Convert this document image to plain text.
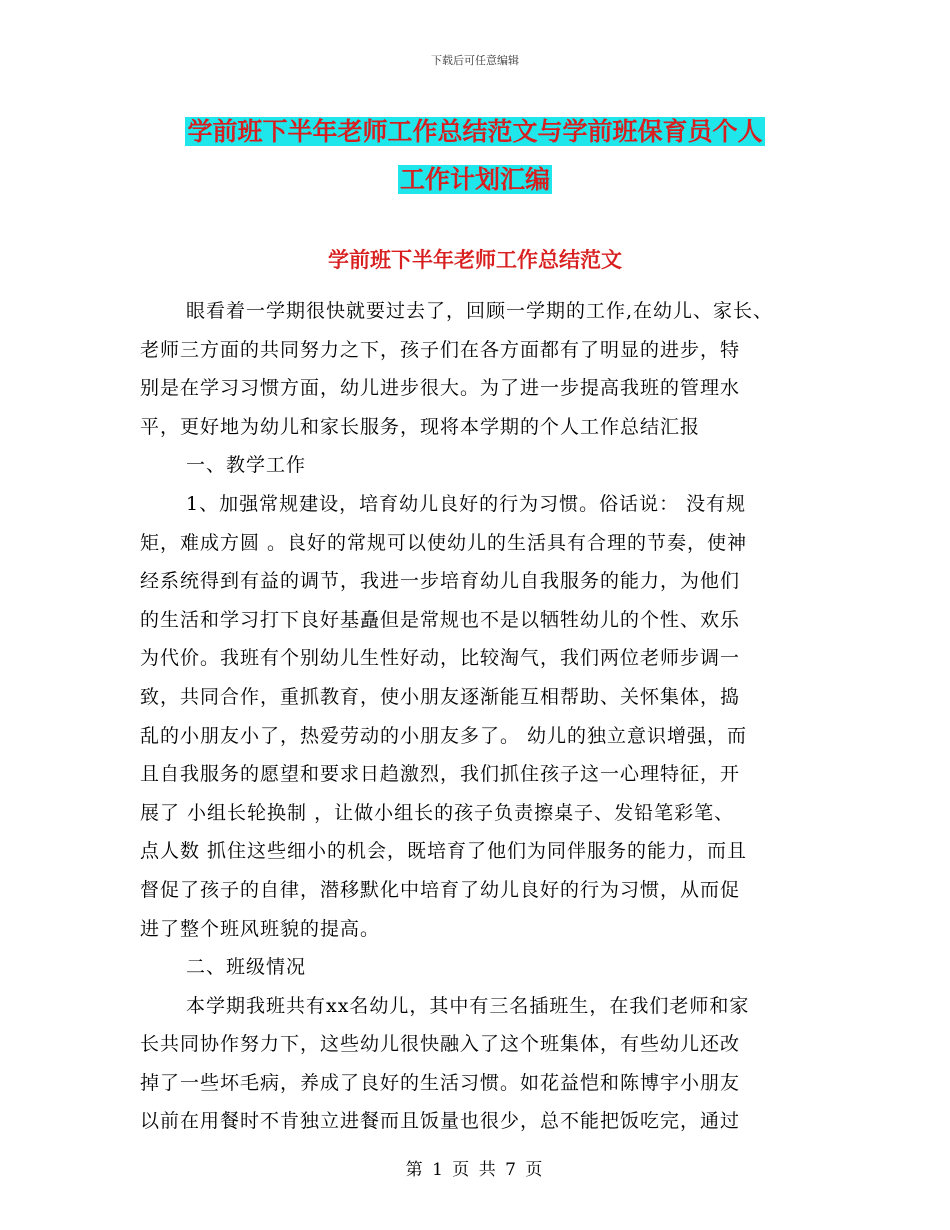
下载后可任意编辑
学前班下半年老师工作总结范文与学前班保育员个人
工作计划汇编
学前班下半年老师工作总结范文
眼看着一学期很快就要过去了，回顾一学期的工作,在幼儿、家长、
老师三方面的共同努力之下，孩子们在各方面都有了明显的进步，特
别是在学习习惯方面，幼儿进步很大。为了进一步提高我班的管理水
平，更好地为幼儿和家长服务，现将本学期的个人工作总结汇报
一、教学工作
1、加强常规建设，培育幼儿良好的行为习惯。俗话说： 没有规
矩，难成方圆 。良好的常规可以使幼儿的生活具有合理的节奏，使神
经系统得到有益的调节，我进一步培育幼儿自我服务的能力，为他们
的生活和学习打下良好基矗但是常规也不是以牺牲幼儿的个性、欢乐
为代价。我班有个别幼儿生性好动，比较淘气，我们两位老师步调一
致，共同合作，重抓教育，使小朋友逐渐能互相帮助、关怀集体，捣
乱的小朋友小了，热爱劳动的小朋友多了。 幼儿的独立意识增强，而
且自我服务的愿望和要求日趋激烈，我们抓住孩子这一心理特征，开
展了 小组长轮换制 ，让做小组长的孩子负责擦桌子、发铅笔彩笔、
点人数 抓住这些细小的机会，既培育了他们为同伴服务的能力，而且
督促了孩子的自律，潜移默化中培育了幼儿良好的行为习惯，从而促
进了整个班风班貌的提高。
二、班级情况
本学期我班共有xx名幼儿，其中有三名插班生，在我们老师和家
长共同协作努力下，这些幼儿很快融入了这个班集体，有些幼儿还改
掉了一些坏毛病，养成了良好的生活习惯。如花益恺和陈博宇小朋友
以前在用餐时不肯独立进餐而且饭量也很少，总不能把饭吃完，通过
第 1 页 共 7 页
